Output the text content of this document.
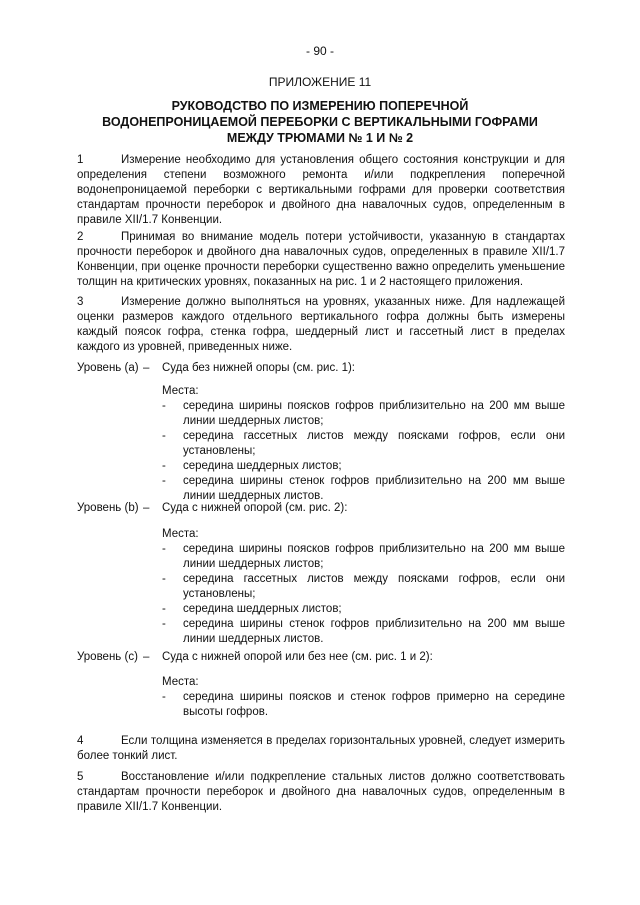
- 90 -
ПРИЛОЖЕНИЕ 11
РУКОВОДСТВО ПО ИЗМЕРЕНИЮ ПОПЕРЕЧНОЙ ВОДОНЕПРОНИЦАЕМОЙ ПЕРЕБОРКИ С ВЕРТИКАЛЬНЫМИ ГОФРАМИ МЕЖДУ ТРЮМАМИ № 1 И № 2
1	Измерение необходимо для установления общего состояния конструкции и для определения степени возможного ремонта и/или подкрепления поперечной водонепроницаемой переборки с вертикальными гофрами для проверки соответствия стандартам прочности переборок и двойного дна навалочных судов, определенным в правиле XII/1.7 Конвенции.
2	Принимая во внимание модель потери устойчивости, указанную в стандартах прочности переборок и двойного дна навалочных судов, определенных в правиле XII/1.7 Конвенции, при оценке прочности переборки существенно важно определить уменьшение толщин на критических уровнях, показанных на рис. 1 и 2 настоящего приложения.
3	Измерение должно выполняться на уровнях, указанных ниже. Для надлежащей оценки размеров каждого отдельного вертикального гофра должны быть измерены каждый поясок гофра, стенка гофра, шеддерный лист и гассетный лист в пределах каждого из уровней, приведенных ниже.
Уровень (a) – Суда без нижней опоры (см. рис. 1):
Места:
- середина ширины поясков гофров приблизительно на 200 мм выше линии шеддерных листов;
- середина гассетных листов между поясками гофров, если они установлены;
- середина шеддерных листов;
- середина ширины стенок гофров приблизительно на 200 мм выше линии шеддерных листов.
Уровень (b) – Суда с нижней опорой (см. рис. 2):
Места:
- середина ширины поясков гофров приблизительно на 200 мм выше линии шеддерных листов;
- середина гассетных листов между поясками гофров, если они установлены;
- середина шеддерных листов;
- середина ширины стенок гофров приблизительно на 200 мм выше линии шеддерных листов.
Уровень (c) – Суда с нижней опорой или без нее (см. рис. 1 и 2):
Места:
- середина ширины поясков и стенок гофров примерно на середине высоты гофров.
4	Если толщина изменяется в пределах горизонтальных уровней, следует измерить более тонкий лист.
5	Восстановление и/или подкрепление стальных листов должно соответствовать стандартам прочности переборок и двойного дна навалочных судов, определенным в правиле XII/1.7 Конвенции.
